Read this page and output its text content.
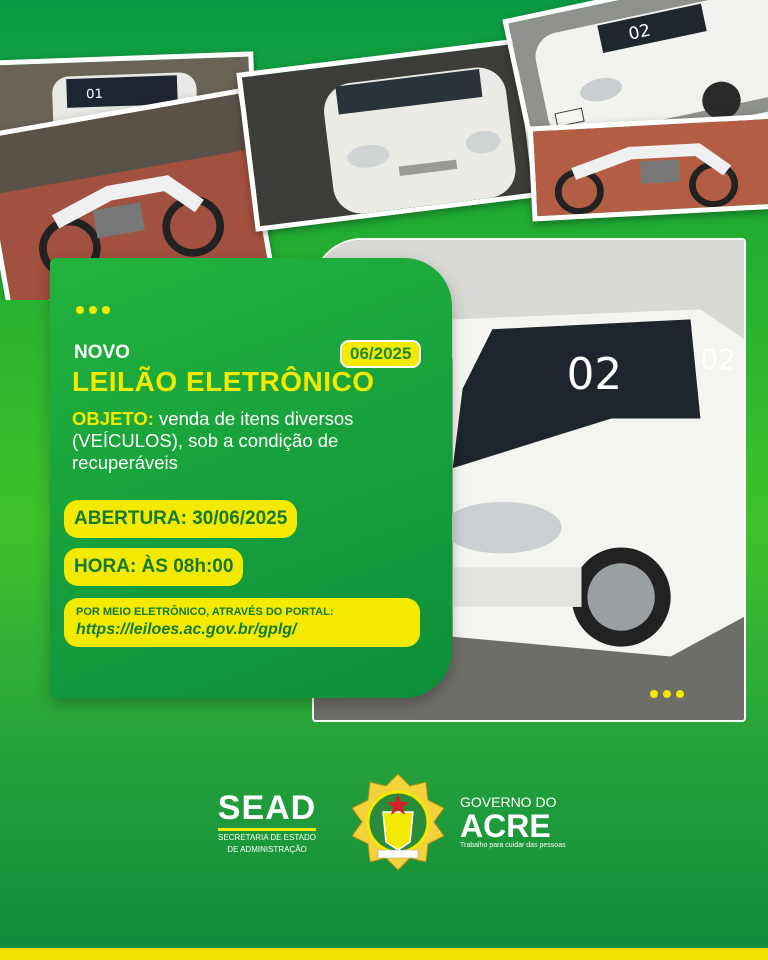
01
02
02	02
NOVO	06/2025
LEILÃO ELETRÔNICO
OBJETO: venda de itens diversos (VEÍCULOS), sob a condição de recuperáveis
ABERTURA: 30/06/2025
HORA: ÀS 08h:00
POR MEIO ELETRÔNICO, ATRAVÉS DO PORTAL:
https://leiloes.ac.gov.br/gplg/
SEAD
SECRETARIA DE ESTADO
DE ADMINISTRAÇÃO
GOVERNO DO
ACRE
Trabalho para cuidar das pessoas
